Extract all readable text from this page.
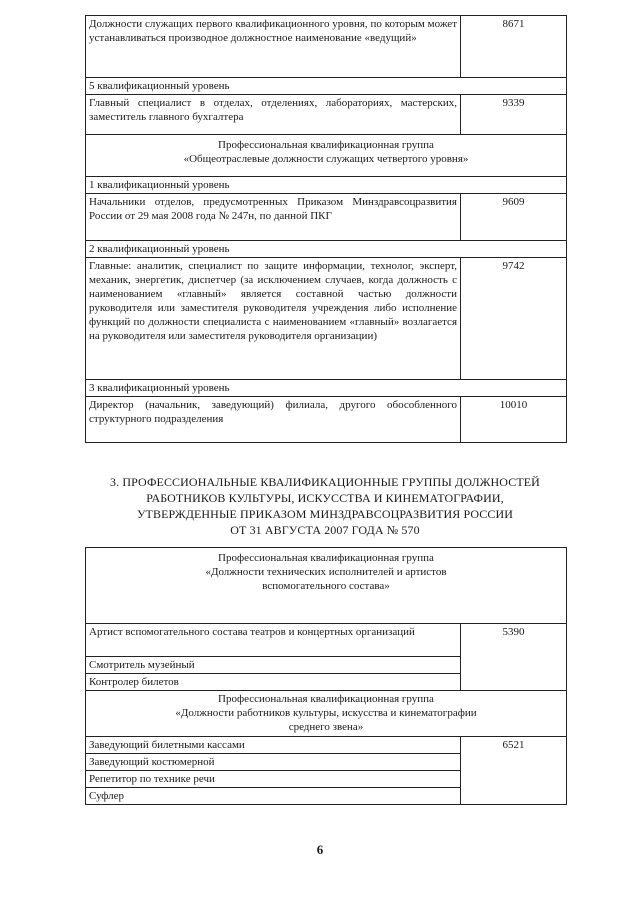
Должности служащих первого квалификационного уровня, по которым может устанавливаться производное должностное наименование «ведущий»	8671
5 квалификационный уровень	
Главный специалист в отделах, отделениях, лабораториях, мастерских, заместитель главного бухгалтера	9339

Профессиональная квалификационная группа
«Общеотраслевые должности служащих четвертого уровня»	

1 квалификационный уровень	
Начальники отделов, предусмотренных Приказом Минздравсоцразвития России от 29 мая 2008 года № 247н, по данной ПКГ	9609
2 квалификационный уровень	
Главные: аналитик, специалист по защите информации, технолог, эксперт, механик, энергетик, диспетчер (за исключением случаев, когда должность с наименованием «главный» является составной частью должности руководителя или заместителя руководителя учреждения либо исполнение функций по должности специалиста с наименованием «главный» возлагается на руководителя или заместителя руководителя организации)	9742
3 квалификационный уровень	
Директор (начальник, заведующий) филиала, другого обособленного структурного подразделения	10010
3. ПРОФЕССИОНАЛЬНЫЕ КВАЛИФИКАЦИОННЫЕ ГРУППЫ ДОЛЖНОСТЕЙ
РАБОТНИКОВ КУЛЬТУРЫ, ИСКУССТВА И КИНЕМАТОГРАФИИ,
УТВЕРЖДЕННЫЕ ПРИКАЗОМ МИНЗДРАВСОЦРАЗВИТИЯ РОССИИ
ОТ 31 АВГУСТА 2007 ГОДА № 570
Профессиональная квалификационная группа
«Должности технических исполнителей и артистов
вспомогательного состава»	

Артист вспомогательного состава театров и концертных организаций	5390
Смотритель музейный	
Контролер билетов	

Профессиональная квалификационная группа
«Должности работников культуры, искусства и кинематографии
среднего звена»	

Заведующий билетными кассами	6521
Заведующий костюмерной	
Репетитор по технике речи	
Суфлер	
6
